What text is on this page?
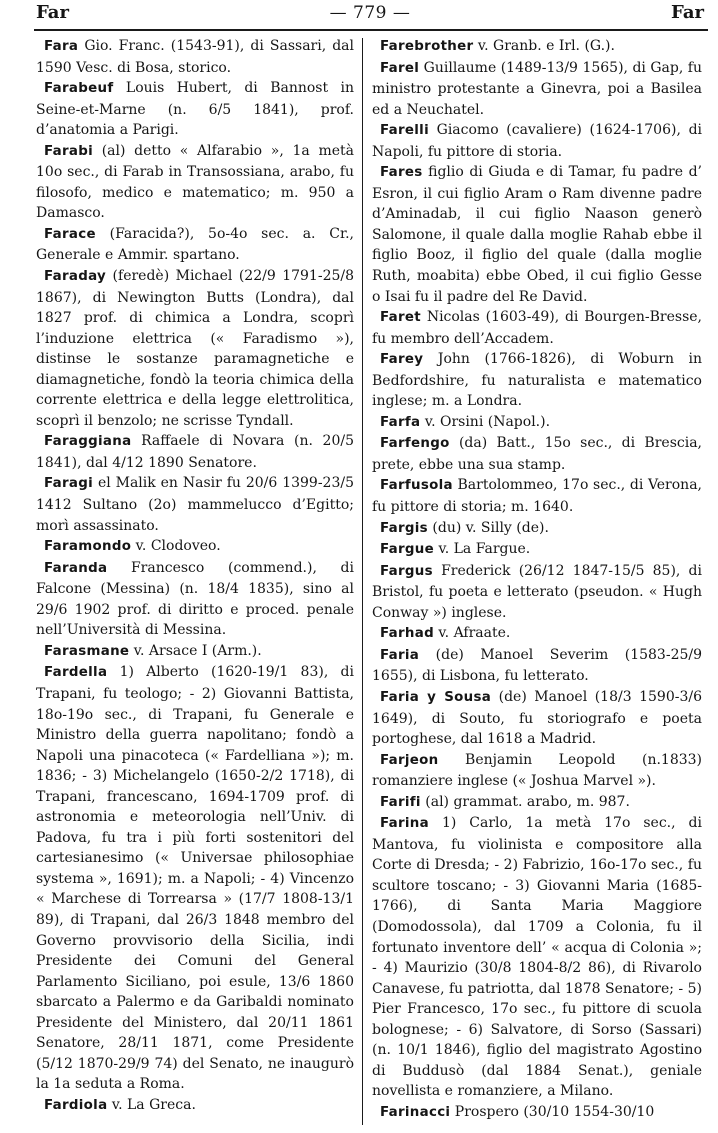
Far	— 779 —	Far

Fara Gio. Franc. (1543-91), di Sassari, dal 1590 Vesc. di Bosa, storico.

Farabeuf Louis Hubert, di Bannost in Seine-et-Marne (n. 6/5 1841), prof. d’anatomia a Parigi.

Farabi (al) detto « Alfarabio », 1a metà 10o sec., di Farab in Transossiana, arabo, fu filosofo, medico e matematico; m. 950 a Damasco.

Farace (Faracida?), 5o-4o sec. a. Cr., Generale e Ammir. spartano.

Faraday (feredè) Michael (22/9 1791-25/8 1867), di Newington Butts (Londra), dal 1827 prof. di chimica a Londra, scoprì l’induzione elettrica (« Faradismo »), distinse le sostanze paramagnetiche e diamagnetiche, fondò la teoria chimica della corrente elettrica e della legge elettrolitica, scoprì il benzolo; ne scrisse Tyndall.

Faraggiana Raffaele di Novara (n. 20/5 1841), dal 4/12 1890 Senatore.

Faragi el Malik en Nasir fu 20/6 1399-23/5 1412 Sultano (2o) mammelucco d’Egitto; morì assassinato.

Faramondo v. Clodoveo.

Faranda Francesco (commend.), di Falcone (Messina) (n. 18/4 1835), sino al 29/6 1902 prof. di diritto e proced. penale nell’Università di Messina.

Farasmane v. Arsace I (Arm.).

Fardella 1) Alberto (1620-19/1 83), di Trapani, fu teologo; - 2) Giovanni Battista, 18o-19o sec., di Trapani, fu Generale e Ministro della guerra napolitano; fondò a Napoli una pinacoteca (« Fardelliana »); m. 1836; - 3) Michelangelo (1650-2/2 1718), di Trapani, francescano, 1694-1709 prof. di astronomia e meteorologia nell’Univ. di Padova, fu tra i più forti sostenitori del cartesianesimo (« Universae philosophiae systema », 1691); m. a Napoli; - 4) Vincenzo « Marchese di Torrearsa » (17/7 1808-13/1 89), di Trapani, dal 26/3 1848 membro del Governo provvisorio della Sicilia, indi Presidente dei Comuni del General Parlamento Siciliano, poi esule, 13/6 1860 sbarcato a Palermo e da Garibaldi nominato Presidente del Ministero, dal 20/11 1861 Senatore, 28/11 1871, come Presidente (5/12 1870-29/9 74) del Senato, ne inaugurò la 1a seduta a Roma.

Fardiola v. La Greca.

Farebrother v. Granb. e Irl. (G.).

Farel Guillaume (1489-13/9 1565), di Gap, fu ministro protestante a Ginevra, poi a Basilea ed a Neuchatel.

Farelli Giacomo (cavaliere) (1624-1706), di Napoli, fu pittore di storia.

Fares figlio di Giuda e di Tamar, fu padre d’ Esron, il cui figlio Aram o Ram divenne padre d’Aminadab, il cui figlio Naason generò Salomone, il quale dalla moglie Rahab ebbe il figlio Booz, il figlio del quale (dalla moglie Ruth, moabita) ebbe Obed, il cui figlio Gesse o Isai fu il padre del Re David.

Faret Nicolas (1603-49), di Bourgen-Bresse, fu membro dell’Accadem.

Farey John (1766-1826), di Woburn in Bedfordshire, fu naturalista e matematico inglese; m. a Londra.

Farfa v. Orsini (Napol.).

Farfengo (da) Batt., 15o sec., di Brescia, prete, ebbe una sua stamp.

Farfusola Bartolommeo, 17o sec., di Verona, fu pittore di storia; m. 1640.

Fargis (du) v. Silly (de).

Fargue v. La Fargue.

Fargus Frederick (26/12 1847-15/5 85), di Bristol, fu poeta e letterato (pseudon. « Hugh Conway ») inglese.

Farhad v. Afraate.

Faria (de) Manoel Severim (1583-25/9 1655), di Lisbona, fu letterato.

Faria y Sousa (de) Manoel (18/3 1590-3/6 1649), di Souto, fu storiografo e poeta portoghese, dal 1618 a Madrid.

Farjeon Benjamin Leopold (n.1833) romanziere inglese (« Joshua Marvel »).

Farifi (al) grammat. arabo, m. 987.

Farina 1) Carlo, 1a metà 17o sec., di Mantova, fu violinista e compositore alla Corte di Dresda; - 2) Fabrizio, 16o-17o sec., fu scultore toscano; - 3) Giovanni Maria (1685-1766), di Santa Maria Maggiore (Domodossola), dal 1709 a Colonia, fu il fortunato inventore dell’ « acqua di Colonia »; - 4) Maurizio (30/8 1804-8/2 86), di Rivarolo Canavese, fu patriotta, dal 1878 Senatore; - 5) Pier Francesco, 17o sec., fu pittore di scuola bolognese; - 6) Salvatore, di Sorso (Sassari) (n. 10/1 1846), figlio del magistrato Agostino di Buddusò (dal 1884 Senat.), geniale novellista e romanziere, a Milano.

Farinacci Prospero (30/10 1554-30/10
